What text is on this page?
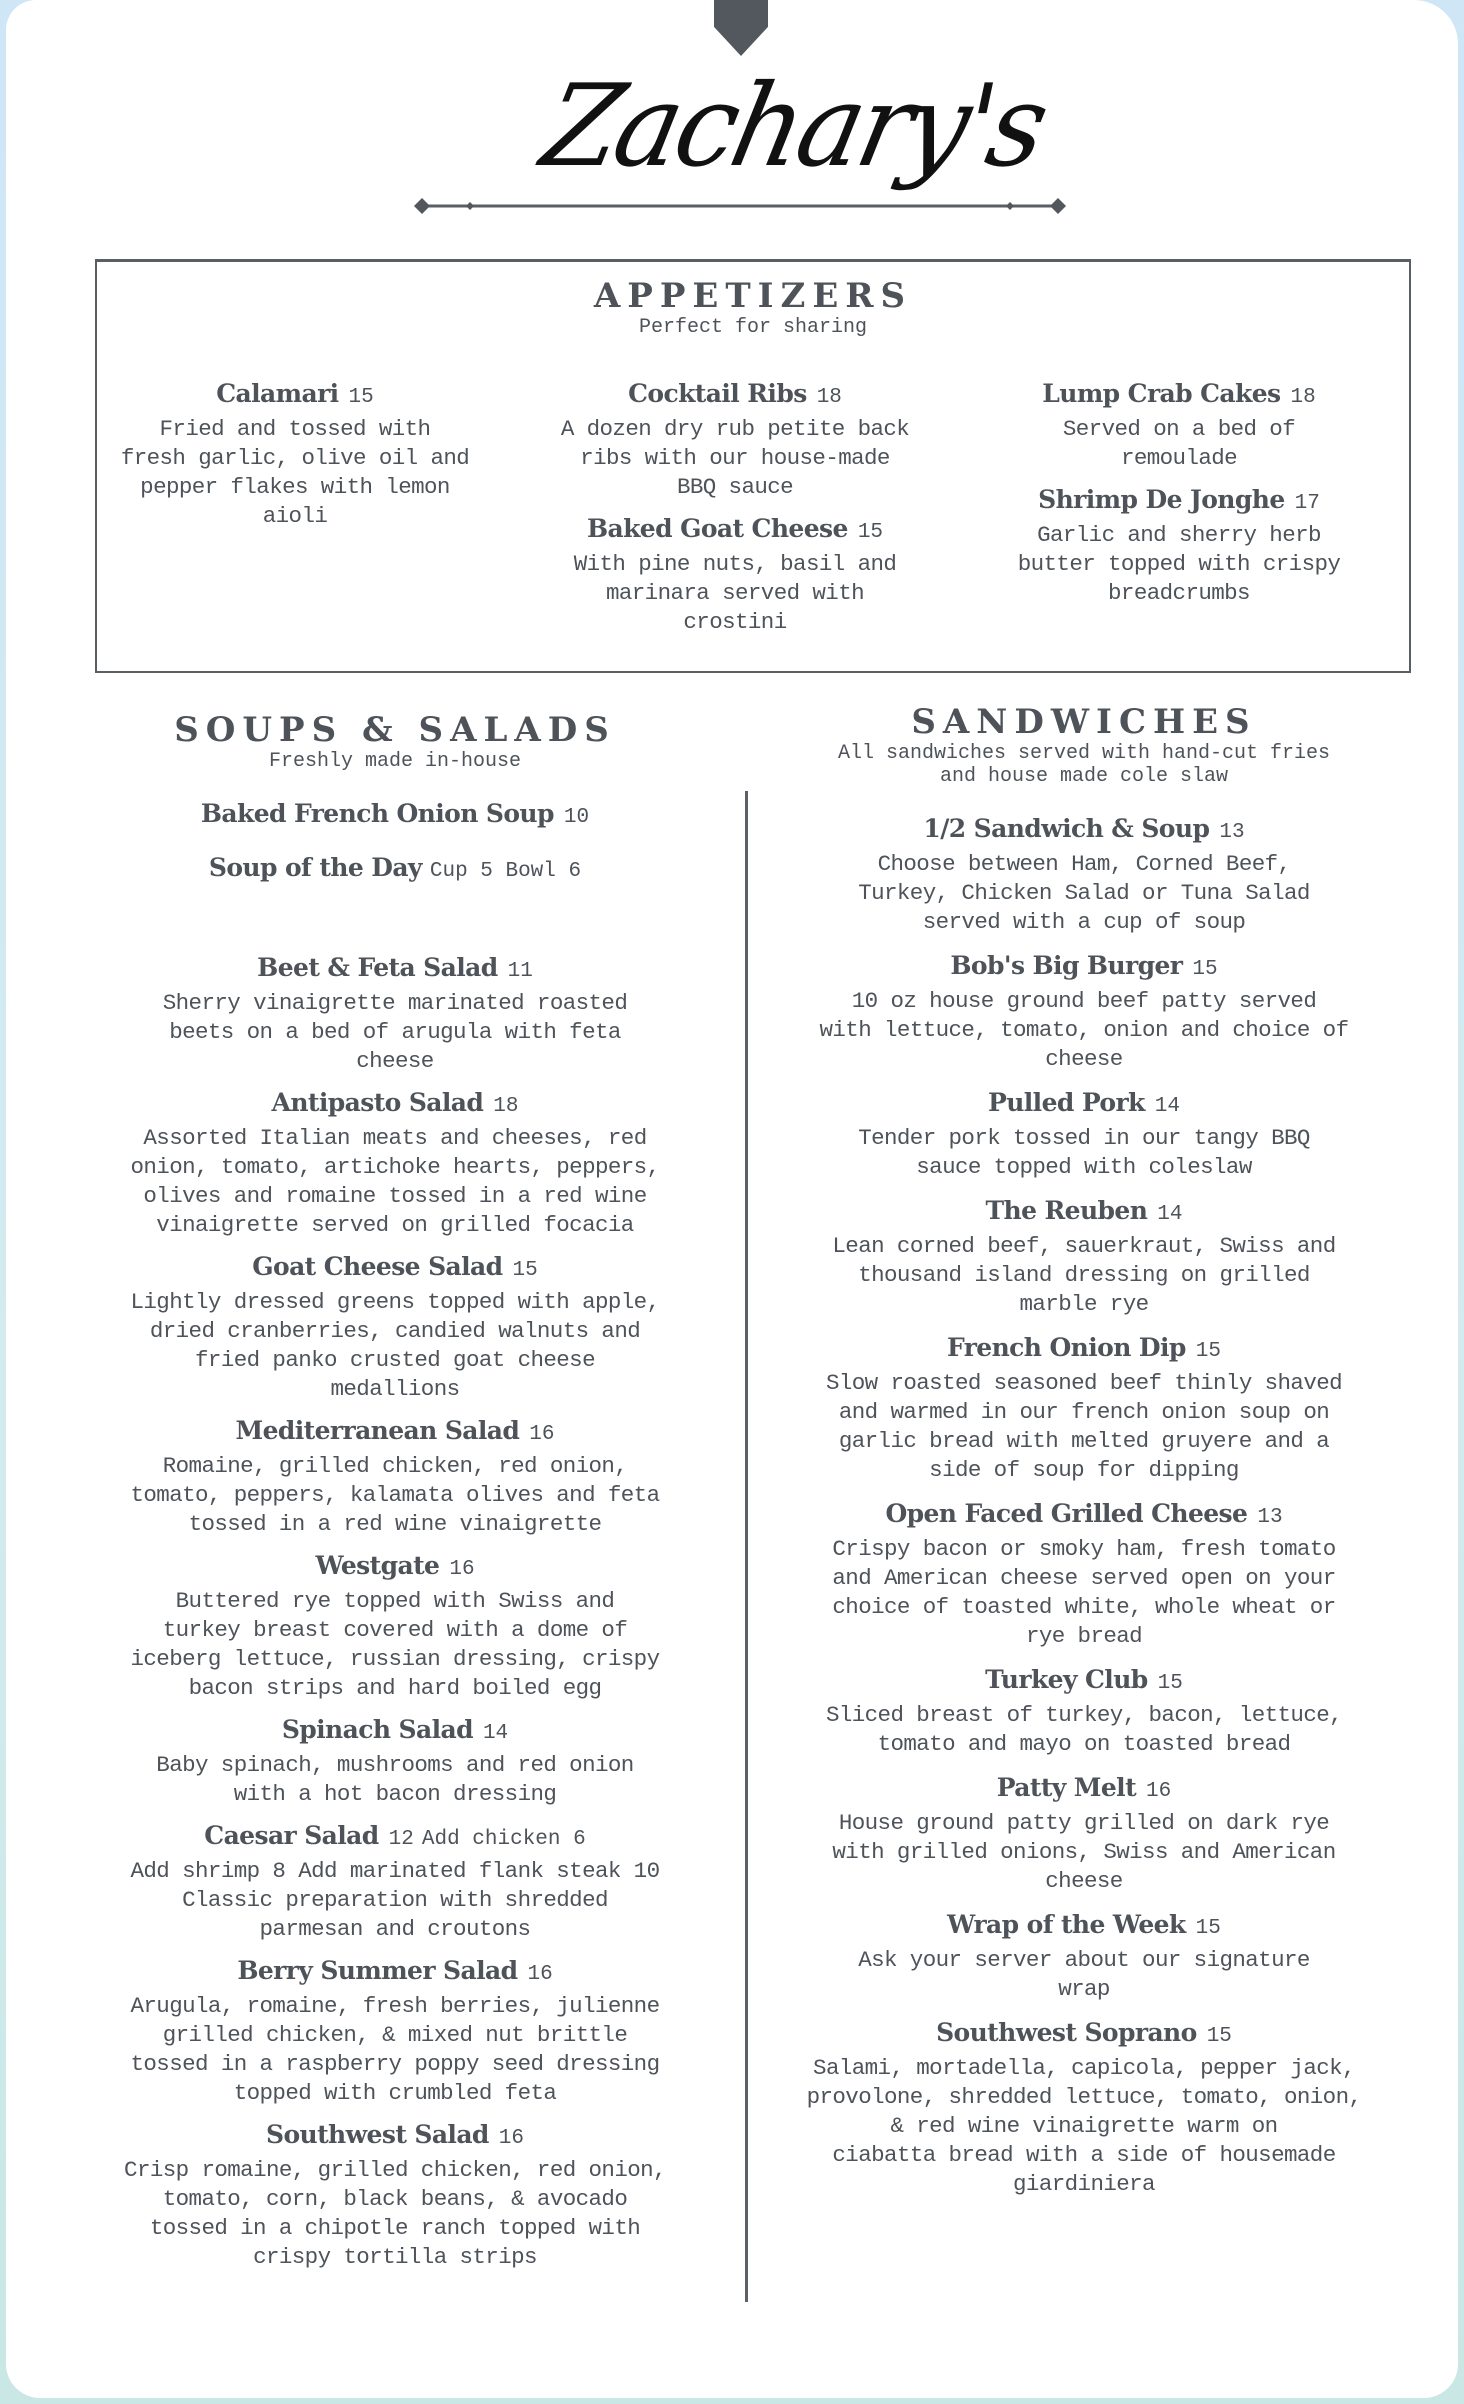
Zachary's
APPETIZERS

Perfect for sharing

Calamari 15
Fried and tossed with
fresh garlic, olive oil and
pepper flakes with lemon
aioli
Cocktail Ribs 18
A dozen dry rub petite back
ribs with our house-made
BBQ sauce
Baked Goat Cheese 15
With pine nuts, basil and
marinara served with
crostini
Lump Crab Cakes 18
Served on a bed of
remoulade
Shrimp De Jonghe 17
Garlic and sherry herb
butter topped with crispy
breadcrumbs
SOUPS & SALADS

Freshly made in-house

Baked French Onion Soup 10
Soup of the Day Cup 5 Bowl 6
Beet & Feta Salad 11
Sherry vinaigrette marinated roasted
beets on a bed of arugula with feta
cheese
Antipasto Salad 18
Assorted Italian meats and cheeses, red
onion, tomato, artichoke hearts, peppers,
olives and romaine tossed in a red wine
vinaigrette served on grilled focacia
Goat Cheese Salad 15
Lightly dressed greens topped with apple,
dried cranberries, candied walnuts and
fried panko crusted goat cheese
medallions
Mediterranean Salad 16
Romaine, grilled chicken, red onion,
tomato, peppers, kalamata olives and feta
tossed in a red wine vinaigrette
Westgate 16
Buttered rye topped with Swiss and
turkey breast covered with a dome of
iceberg lettuce, russian dressing, crispy
bacon strips and hard boiled egg
Spinach Salad 14
Baby spinach, mushrooms and red onion
with a hot bacon dressing
Caesar Salad 12 Add chicken 6
Add shrimp 8 Add marinated flank steak 10
Classic preparation with shredded
parmesan and croutons
Berry Summer Salad 16
Arugula, romaine, fresh berries, julienne
grilled chicken, & mixed nut brittle
tossed in a raspberry poppy seed dressing
topped with crumbled feta
Southwest Salad 16
Crisp romaine, grilled chicken, red onion,
tomato, corn, black beans, & avocado
tossed in a chipotle ranch topped with
crispy tortilla strips
SANDWICHES

All sandwiches served with hand-cut fries

and house made cole slaw

1/2 Sandwich & Soup 13
Choose between Ham, Corned Beef,
Turkey, Chicken Salad or Tuna Salad
served with a cup of soup
Bob's Big Burger 15
10 oz house ground beef patty served
with lettuce, tomato, onion and choice of
cheese
Pulled Pork 14
Tender pork tossed in our tangy BBQ
sauce topped with coleslaw
The Reuben 14
Lean corned beef, sauerkraut, Swiss and
thousand island dressing on grilled
marble rye
French Onion Dip 15
Slow roasted seasoned beef thinly shaved
and warmed in our french onion soup on
garlic bread with melted gruyere and a
side of soup for dipping
Open Faced Grilled Cheese 13
Crispy bacon or smoky ham, fresh tomato
and American cheese served open on your
choice of toasted white, whole wheat or
rye bread
Turkey Club 15
Sliced breast of turkey, bacon, lettuce,
tomato and mayo on toasted bread
Patty Melt 16
House ground patty grilled on dark rye
with grilled onions, Swiss and American
cheese
Wrap of the Week 15
Ask your server about our signature
wrap
Southwest Soprano 15
Salami, mortadella, capicola, pepper jack,
provolone, shredded lettuce, tomato, onion,
& red wine vinaigrette warm on
ciabatta bread with a side of housemade
giardiniera
